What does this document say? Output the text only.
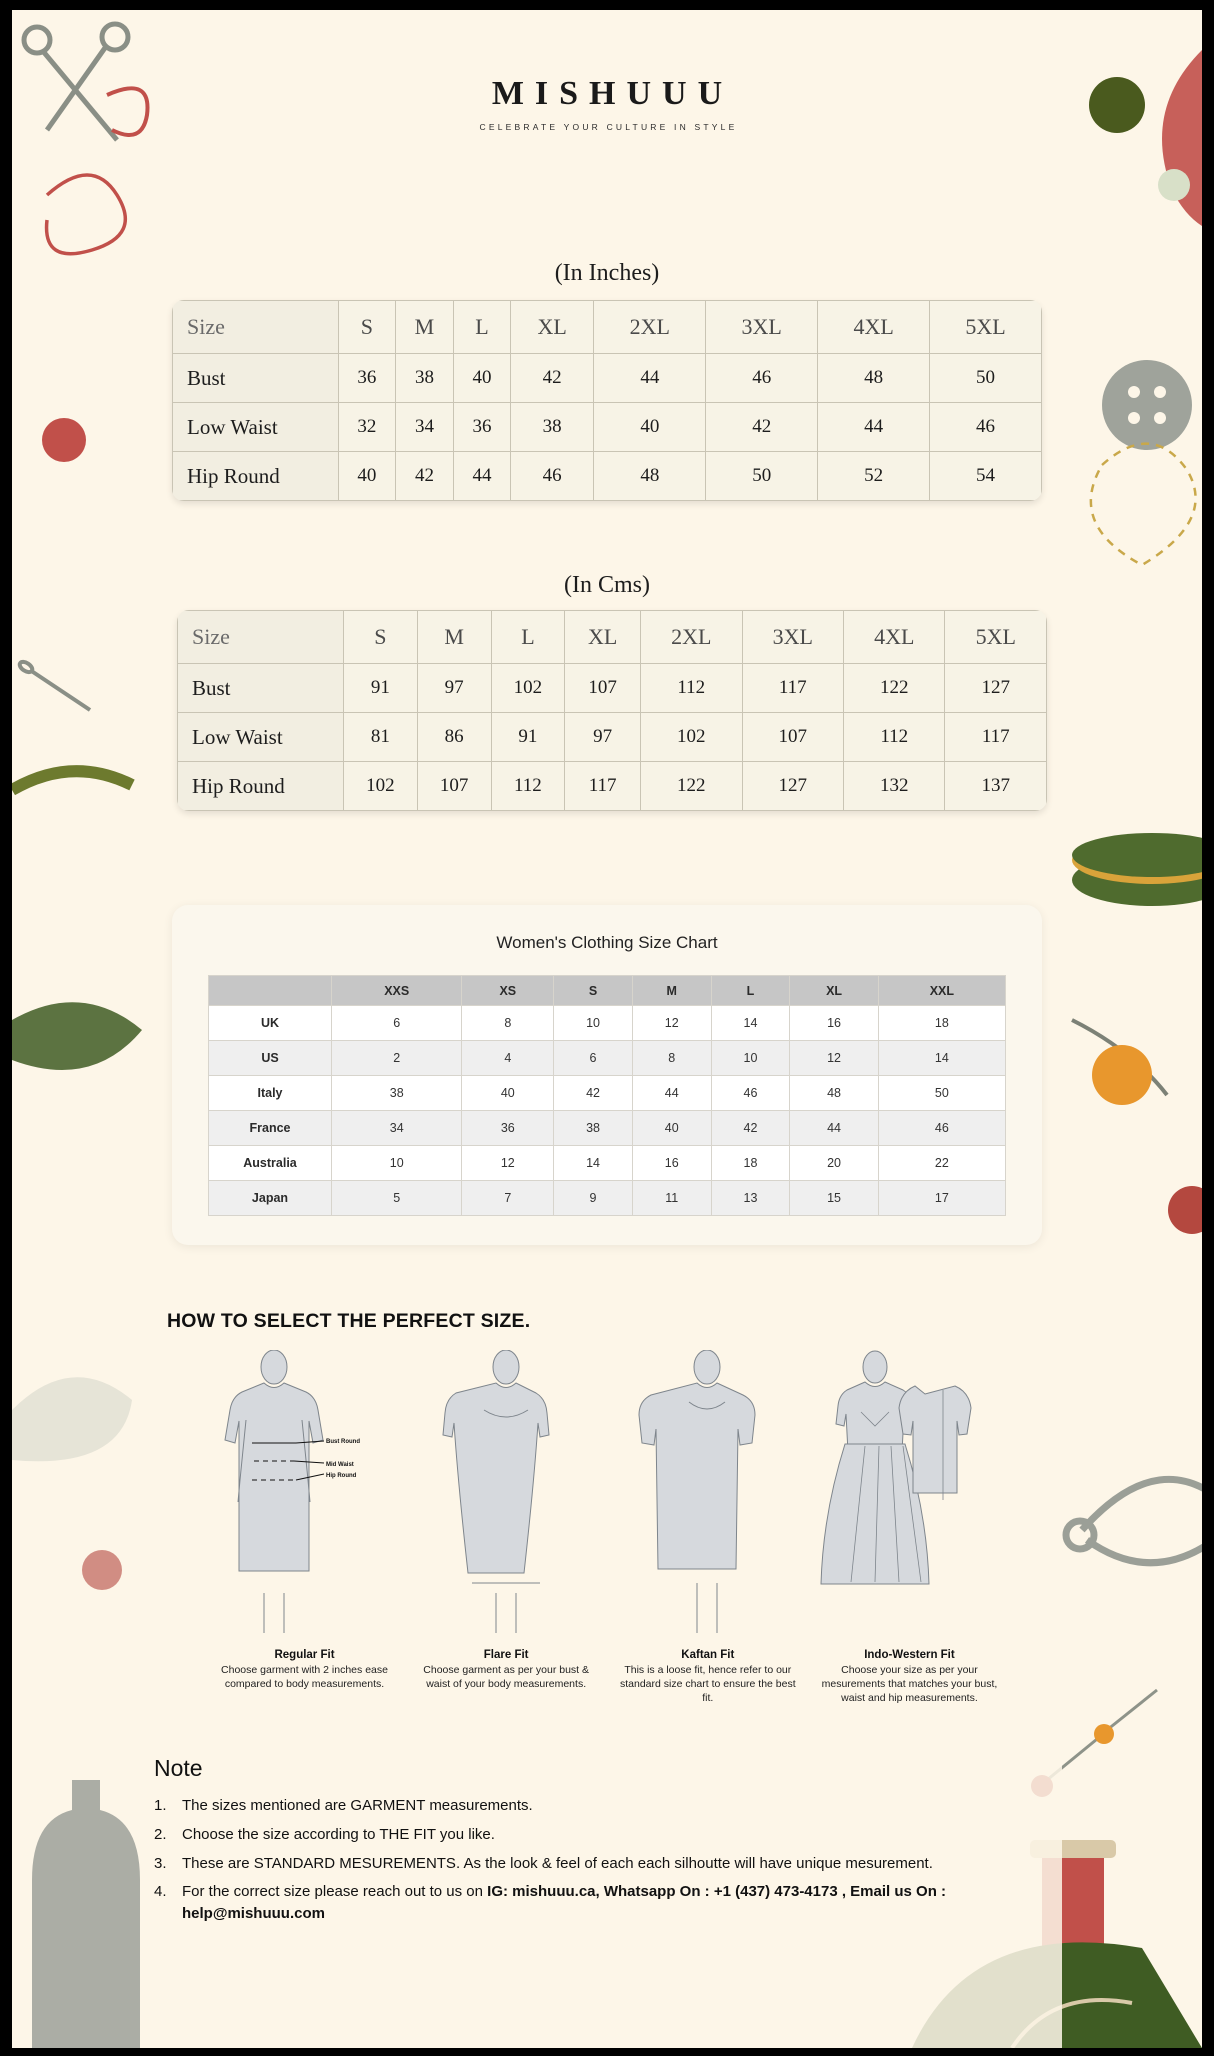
MISHUUU
CELEBRATE YOUR CULTURE IN STYLE
(In Inches)
Size	S	M	L	XL	2XL	3XL	4XL	5XL
Bust	36	38	40	42	44	46	48	50
Low Waist	32	34	36	38	40	42	44	46
Hip Round	40	42	44	46	48	50	52	54
(In Cms)
Size	S	M	L	XL	2XL	3XL	4XL	5XL
Bust	91	97	102	107	112	117	122	127
Low Waist	81	86	91	97	102	107	112	117
Hip Round	102	107	112	117	122	127	132	137
Women's Clothing Size Chart
	XXS	XS	S	M	L	XL	XXL
UK	6	8	10	12	14	16	18
US	2	4	6	8	10	12	14
Italy	38	40	42	44	46	48	50
France	34	36	38	40	42	44	46
Australia	10	12	14	16	18	20	22
Japan	5	7	9	11	13	15	17
HOW TO SELECT THE PERFECT SIZE.
Bust Round
Mid Waist
Hip Round
Regular Fit
Choose garment with 2 inches ease compared to body measurements.
Flare Fit
Choose garment as per your bust & waist of your body measurements.
Kaftan Fit
This is a loose fit, hence refer to our standard size chart to ensure the best fit.
Indo-Western Fit
Choose your size as per your mesurements that matches your bust, waist and hip measurements.
Note
1.	The sizes mentioned are GARMENT measurements.
2.	Choose the size according to THE FIT you like.
3.	These are STANDARD MESUREMENTS. As the look & feel of each each silhoutte will have unique mesurement.
4.	For the correct size please reach out to us on IG: mishuuu.ca, Whatsapp On : +1 (437) 473-4173 , Email us On : help@mishuuu.com
